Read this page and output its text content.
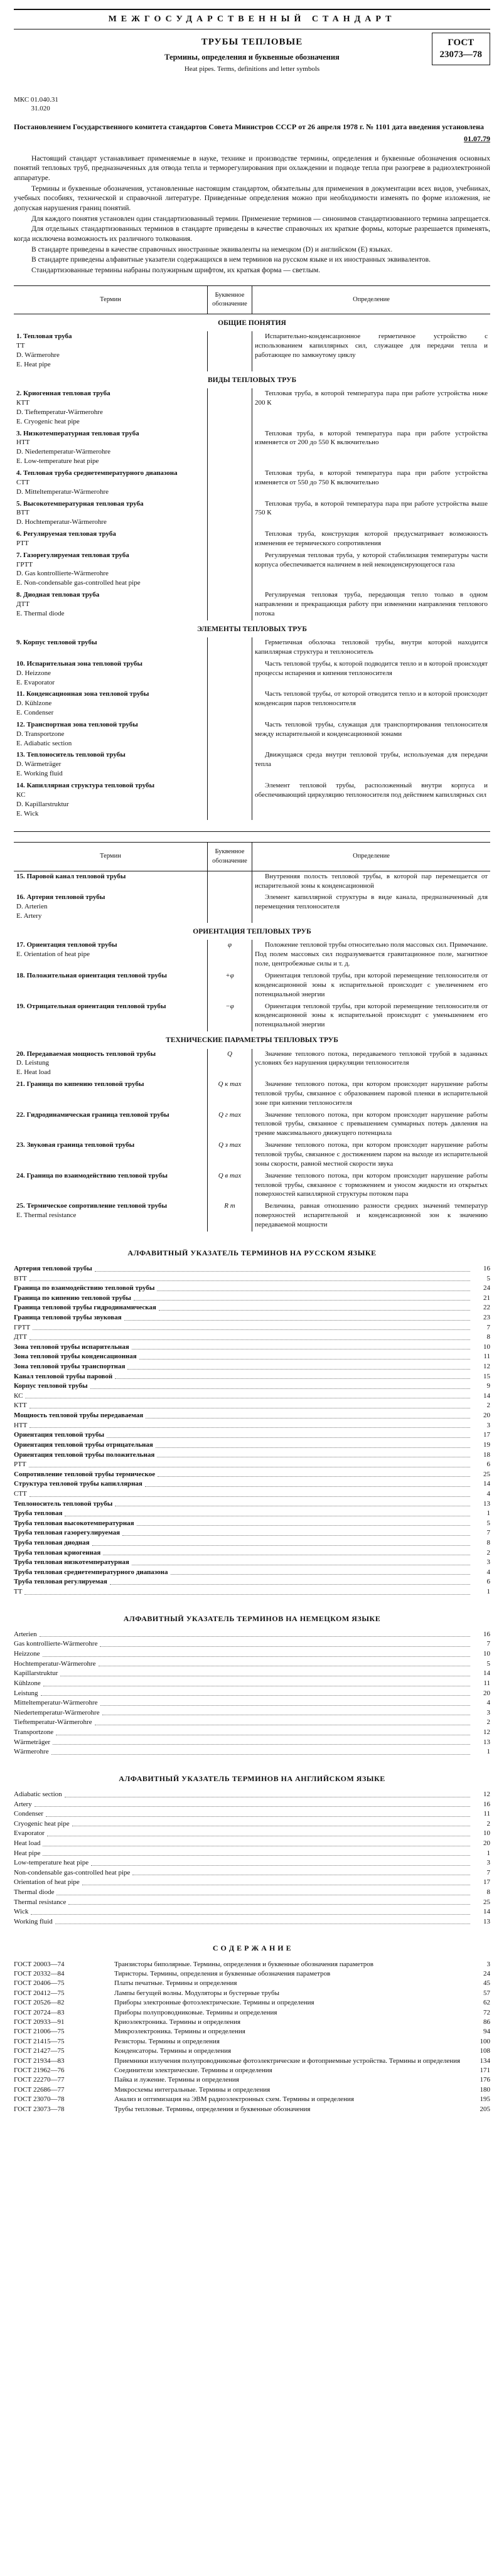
МЕЖГОСУДАРСТВЕННЫЙ СТАНДАРТ
ГОСТ
23073—78
ТРУБЫ ТЕПЛОВЫЕ
Термины, определения и буквенные обозначения
Heat pipes. Terms, definitions and letter symbols
МКС 01.040.31
31.020
Постановлением Государственного комитета стандартов Совета Министров СССР от 26 апреля 1978 г. № 1101 дата введения установлена
01.07.79

Настоящий стандарт устанавливает применяемые в науке, технике и производстве термины, определения и буквенные обозначения основных понятий тепловых труб, предназначенных для отвода тепла и терморегулирования при охлаждении и подводе тепла при разогреве в радиоэлектронной аппаратуре.

Термины и буквенные обозначения, установленные настоящим стандартом, обязательны для применения в документации всех видов, учебниках, учебных пособиях, технической и справочной литературе. Приведенные определения можно при необходимости изменять по форме изложения, не допуская нарушения границ понятий.

Для каждого понятия установлен один стандартизованный термин. Применение терминов — синонимов стандартизованного термина запрещается.

Для отдельных стандартизованных терминов в стандарте приведены в качестве справочных их краткие формы, которые разрешается применять, когда исключена возможность их различного толкования.

В стандарте приведены в качестве справочных иностранные эквиваленты на немецком (D) и английском (E) языках.

В стандарте приведены алфавитные указатели содержащихся в нем терминов на русском языке и их иностранных эквивалентов.

Стандартизованные термины набраны полужирным шрифтом, их краткая форма — светлым.

Термин	Буквенное обозначение	Определение
ОБЩИЕ ПОНЯТИЯ		

1. Тепловая труба
ТТ
D. Wärmerohre
E. Heat pipe		Испарительно-конденсационное герметичное устройство с использованием капиллярных сил, служащее для передачи тепла и работающее по замкнутому циклу
ВИДЫ ТЕПЛОВЫХ ТРУБ		

2. Криогенная тепловая труба
КТТ
D. Tieftemperatur-Wärmerohre
E. Cryogenic heat pipe		Тепловая труба, в которой температура пара при работе устройства ниже 200 К

3. Низкотемпературная тепловая труба
НТТ
D. Niedertemperatur-Wärmerohre
E. Low-temperature heat pipe		Тепловая труба, в которой температура пара при работе устройства изменяется от 200 до 550 К включительно

4. Тепловая труба среднетемпературного диапазона
СТТ
D. Mitteltemperatur-Wärmerohre		Тепловая труба, в которой температура пара при работе устройства изменяется от 550 до 750 К включительно

5. Высокотемпературная тепловая труба
ВТТ
D. Hochtemperatur-Wärmerohre		Тепловая труба, в которой температура пара при работе устройства выше 750 К

6. Регулируемая тепловая труба
РТТ		Тепловая труба, конструкция которой предусматривает возможность изменения ее термического сопротивления

7. Газорегулируемая тепловая труба
ГРТТ
D. Gas kontrollierte-Wärmerohre
E. Non-condensable gas-controlled heat pipe		Регулируемая тепловая труба, у которой стабилизация температуры части корпуса обеспечивается наличием в ней неконденсирующегося газа

8. Диодная тепловая труба
ДТТ
E. Thermal diode		Регулируемая тепловая труба, передающая тепло только в одном направлении и прекращающая работу при изменении направления теплового потока
ЭЛЕМЕНТЫ ТЕПЛОВЫХ ТРУБ		

9. Корпус тепловой трубы		Герметичная оболочка тепловой трубы, внутри которой находится капиллярная структура и теплоноситель

10. Испарительная зона тепловой трубы
D. Heizzone
E. Evaporator		Часть тепловой трубы, к которой подводится тепло и в которой происходят процессы испарения и кипения теплоносителя

11. Конденсационная зона тепловой трубы
D. Kühlzone
E. Condenser		Часть тепловой трубы, от которой отводится тепло и в которой происходит конденсация паров теплоносителя

12. Транспортная зона тепловой трубы
D. Transportzone
E. Adiabatic section		Часть тепловой трубы, служащая для транспортирования теплоносителя между испарительной и конденсационной зонами

13. Теплоноситель тепловой трубы
D. Wärmeträger
E. Working fluid		Движущаяся среда внутри тепловой трубы, используемая для передачи тепла

14. Капиллярная структура тепловой трубы
КС
D. Kapillarstruktur
E. Wick		Элемент тепловой трубы, расположенный внутри корпуса и обеспечивающий циркуляцию теплоносителя под действием капиллярных сил
Термин	Буквенное обозначение	Определение

15. Паровой канал тепловой трубы		Внутренняя полость тепловой трубы, в которой пар перемещается от испарительной зоны к конденсационной

16. Артерия тепловой трубы
D. Arterien
E. Artery		Элемент капиллярной структуры в виде канала, предназначенный для перемещения теплоносителя
ОРИЕНТАЦИЯ ТЕПЛОВЫХ ТРУБ		

17. Ориентация тепловой трубы
E. Orientation of heat pipe	φ	Положение тепловой трубы относительно поля массовых сил. Примечание. Под полем массовых сил подразумевается гравитационное поле, магнитное поле, центробежные силы и т. д.

18. Положительная ориентация тепловой трубы	+φ	Ориентация тепловой трубы, при которой перемещение теплоносителя от конденсационной зоны к испарительной происходит с увеличением его потенциальной энергии

19. Отрицательная ориентация тепловой трубы	−φ	Ориентация тепловой трубы, при которой перемещение теплоносителя от конденсационной зоны к испарительной происходит с уменьшением его потенциальной энергии
ТЕХНИЧЕСКИЕ ПАРАМЕТРЫ ТЕПЛОВЫХ ТРУБ		

20. Передаваемая мощность тепловой трубы
D. Leistung
E. Heat load	Q	Значение теплового потока, передаваемого тепловой трубой в заданных условиях без нарушения циркуляции теплоносителя

21. Граница по кипению тепловой трубы	Q к max	Значение теплового потока, при котором происходит нарушение работы тепловой трубы, связанное с образованием паровой пленки в испарительной зоне при кипении теплоносителя

22. Гидродинамическая граница тепловой трубы	Q г max	Значение теплового потока, при котором происходит нарушение работы тепловой трубы, связанное с превышением суммарных потерь давления на трение максимального движущего потенциала

23. Звуковая граница тепловой трубы	Q з max	Значение теплового потока, при котором происходит нарушение работы тепловой трубы, связанное с достижением паром на выходе из испарительной зоны скорости, равной местной скорости звука

24. Граница по взаимодействию тепловой трубы	Q в max	Значение теплового потока, при котором происходит нарушение работы тепловой трубы, связанное с торможением и уносом жидкости из открытых поверхностей капиллярной структуры потоком пара

25. Термическое сопротивление тепловой трубы
E. Thermal resistance	R т	Величина, равная отношению разности средних значений температур поверхностей испарительной и конденсационной зон к значению передаваемой мощности
АЛФАВИТНЫЙ УКАЗАТЕЛЬ ТЕРМИНОВ НА РУССКОМ ЯЗЫКЕ
Артерия тепловой трубы	16
ВТТ	5
Граница по взаимодействию тепловой трубы	24
Граница по кипению тепловой трубы	21
Граница тепловой трубы гидродинамическая	22
Граница тепловой трубы звуковая	23
ГРТТ	7
ДТТ	8
Зона тепловой трубы испарительная	10
Зона тепловой трубы конденсационная	11
Зона тепловой трубы транспортная	12
Канал тепловой трубы паровой	15
Корпус тепловой трубы	9
КС	14
КТТ	2
Мощность тепловой трубы передаваемая	20
НТТ	3
Ориентация тепловой трубы	17
Ориентация тепловой трубы отрицательная	19
Ориентация тепловой трубы положительная	18
РТТ	6
Сопротивление тепловой трубы термическое	25
Структура тепловой трубы капиллярная	14
СТТ	4
Теплоноситель тепловой трубы	13
Труба тепловая	1
Труба тепловая высокотемпературная	5
Труба тепловая газорегулируемая	7
Труба тепловая диодная	8
Труба тепловая криогенная	2
Труба тепловая низкотемпературная	3
Труба тепловая среднетемпературного диапазона	4
Труба тепловая регулируемая	6
ТТ	1
АЛФАВИТНЫЙ УКАЗАТЕЛЬ ТЕРМИНОВ НА НЕМЕЦКОМ ЯЗЫКЕ
Arterien	16
Gas kontrollierte-Wärmerohre	7
Heizzone	10
Hochtemperatur-Wärmerohre	5
Kapillarstruktur	14
Kühlzone	11
Leistung	20
Mitteltemperatur-Wärmerohre	4
Niedertemperatur-Wärmerohre	3
Tieftemperatur-Wärmerohre	2
Transportzone	12
Wärmeträger	13
Wärmerohre	1
АЛФАВИТНЫЙ УКАЗАТЕЛЬ ТЕРМИНОВ НА АНГЛИЙСКОМ ЯЗЫКЕ
Adiabatic section	12
Artery	16
Condenser	11
Cryogenic heat pipe	2
Evaporator	10
Heat load	20
Heat pipe	1
Low-temperature heat pipe	3
Non-condensable gas-controlled heat pipe	7
Orientation of heat pipe	17
Thermal diode	8
Thermal resistance	25
Wick	14
Working fluid	13
С О Д Е Р Ж А Н И Е
ГОСТ 20003—74	Транзисторы биполярные. Термины, определения и буквенные обозначения параметров	3
ГОСТ 20332—84	Тиристоры. Термины, определения и буквенные обозначения параметров	24
ГОСТ 20406—75	Платы печатные. Термины и определения	45
ГОСТ 20412—75	Лампы бегущей волны. Модуляторы и бустерные трубы	57
ГОСТ 20526—82	Приборы электронные фотоэлектрические. Термины и определения	62
ГОСТ 20724—83	Приборы полупроводниковые. Термины и определения	72
ГОСТ 20933—91	Криоэлектроника. Термины и определения	86
ГОСТ 21006—75	Микроэлектроника. Термины и определения	94
ГОСТ 21415—75	Резисторы. Термины и определения	100
ГОСТ 21427—75	Конденсаторы. Термины и определения	108
ГОСТ 21934—83	Приемники излучения полупроводниковые фотоэлектрические и фотоприемные устройства. Термины и определения	134
ГОСТ 21962—76	Соединители электрические. Термины и определения	171
ГОСТ 22270—77	Пайка и лужение. Термины и определения	176
ГОСТ 22686—77	Микросхемы интегральные. Термины и определения	180
ГОСТ 23070—78	Анализ и оптимизация на ЭВМ радиоэлектронных схем. Термины и определения	195
ГОСТ 23073—78	Трубы тепловые. Термины, определения и буквенные обозначения	205
